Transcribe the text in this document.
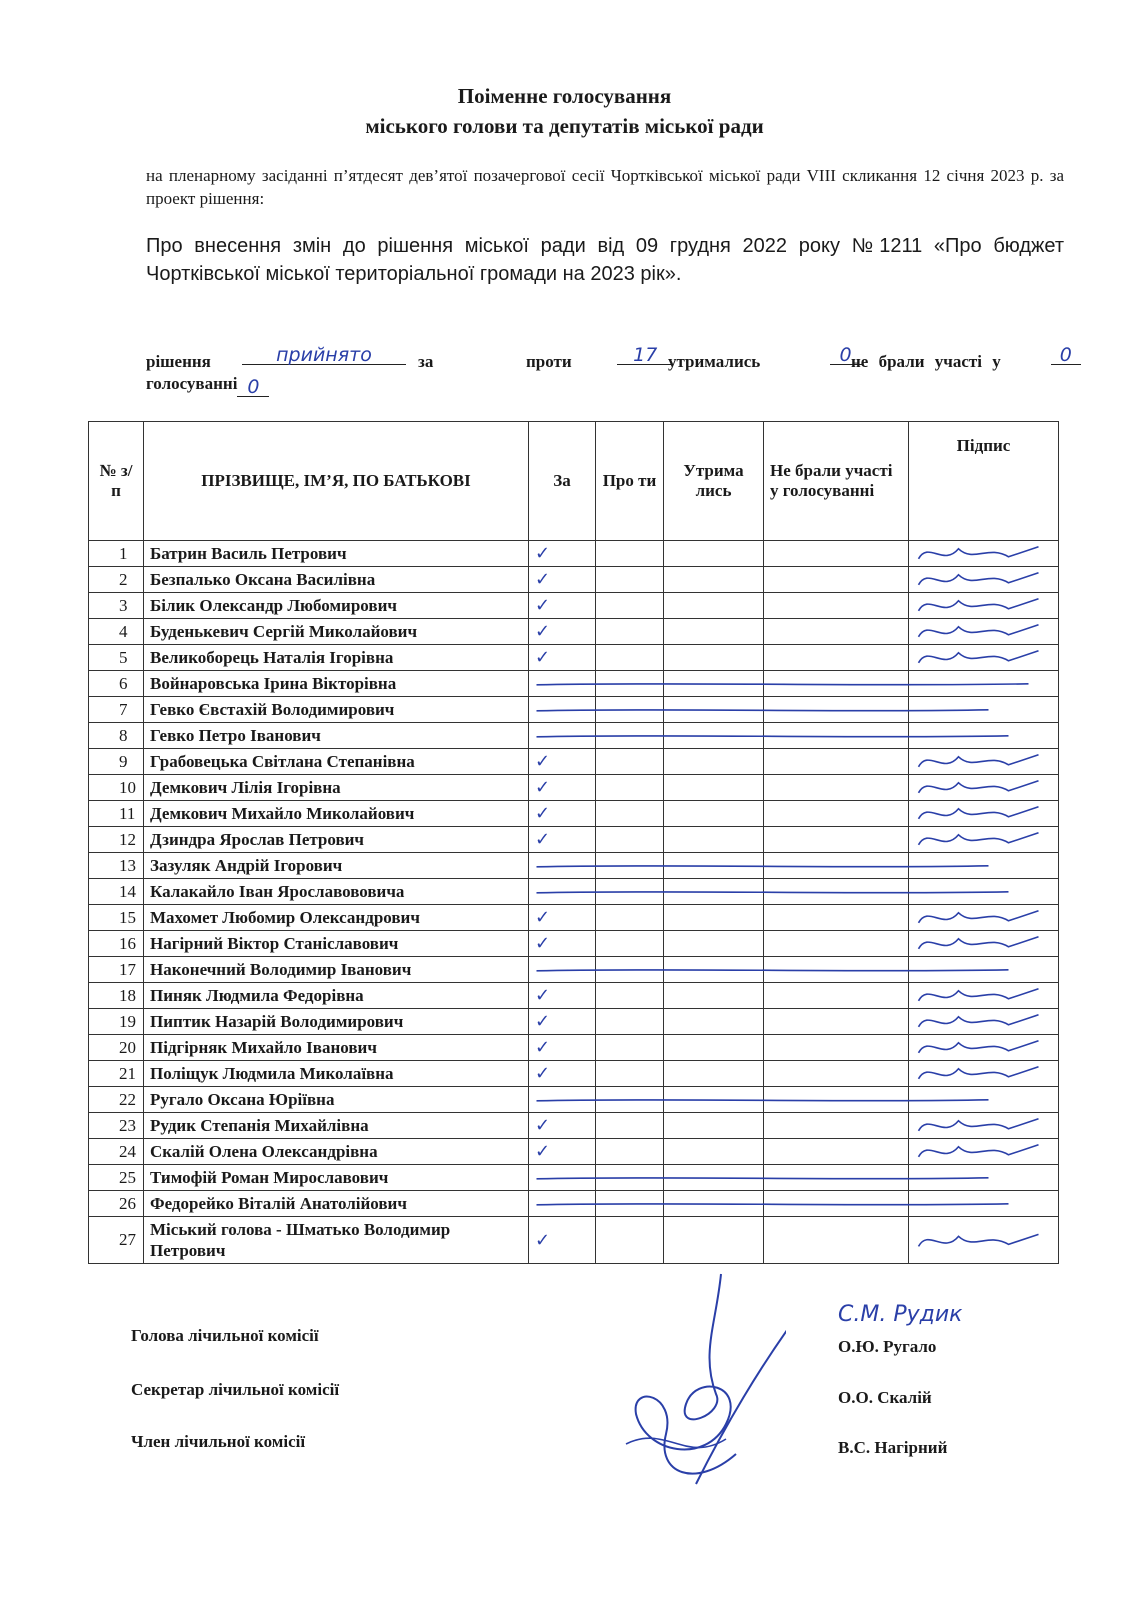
Поіменне голосування
міського голови та депутатів міської ради
на пленарному засіданні п’ятдесят дев’ятої позачергової сесії Чортківської міської ради VIII скликання 12 січня 2023 р. за проект рішення:
Про внесення змін до рішення міської ради від 09 грудня 2022 року №1211 «Про бюджет Чортківської міської територіальної громади на 2023 рік».
рішення	прийнято	за	17
проти	0
утримались	0
не брали участі у
голосуванні 0
№ з/п	ПРІЗВИЩЕ, ІМ’Я, ПО БАТЬКОВІ	За	Про ти	Утрима лись	Не брали участі у голосуванні	Підпис
1	Батрин Василь Петрович	✓				
2	Безпалько Оксана Василівна	✓				
3	Білик Олександр Любомирович	✓				
4	Буденькевич Сергій Миколайович	✓				
5	Великоборець Наталія Ігорівна	✓				
6	Войнаровська Ірина Вікторівна					
7	Гевко Євстахій Володимирович					
8	Гевко Петро Іванович					
9	Грабовецька Світлана Степанівна	✓				
10	Демкович Лілія Ігорівна	✓				
11	Демкович Михайло Миколайович	✓				
12	Дзиндра Ярослав Петрович	✓				
13	Зазуляк Андрій Ігорович					
14	Калакайло Іван Ярославововича					
15	Махомет Любомир Олександрович	✓				
16	Нагірний Віктор Станіславович	✓				
17	Наконечний Володимир Іванович					
18	Пиняк Людмила Федорівна	✓				
19	Пиптик Назарій Володимирович	✓				
20	Підгірняк Михайло Іванович	✓				
21	Поліщук Людмила Миколаївна	✓				
22	Ругало Оксана Юріївна					
23	Рудик Степанія Михайлівна	✓				
24	Скалій Олена Олександрівна	✓				
25	Тимофій Роман Мирославович					
26	Федорейко Віталій Анатолійович					
27	Міський голова - Шматько Володимир Петрович	✓				
Голова лічильної комісії
Секретар лічильної комісії
Член лічильної комісії
С.М. Рудик
О.Ю. Ругало
О.О. Скалій
В.С. Нагірний
